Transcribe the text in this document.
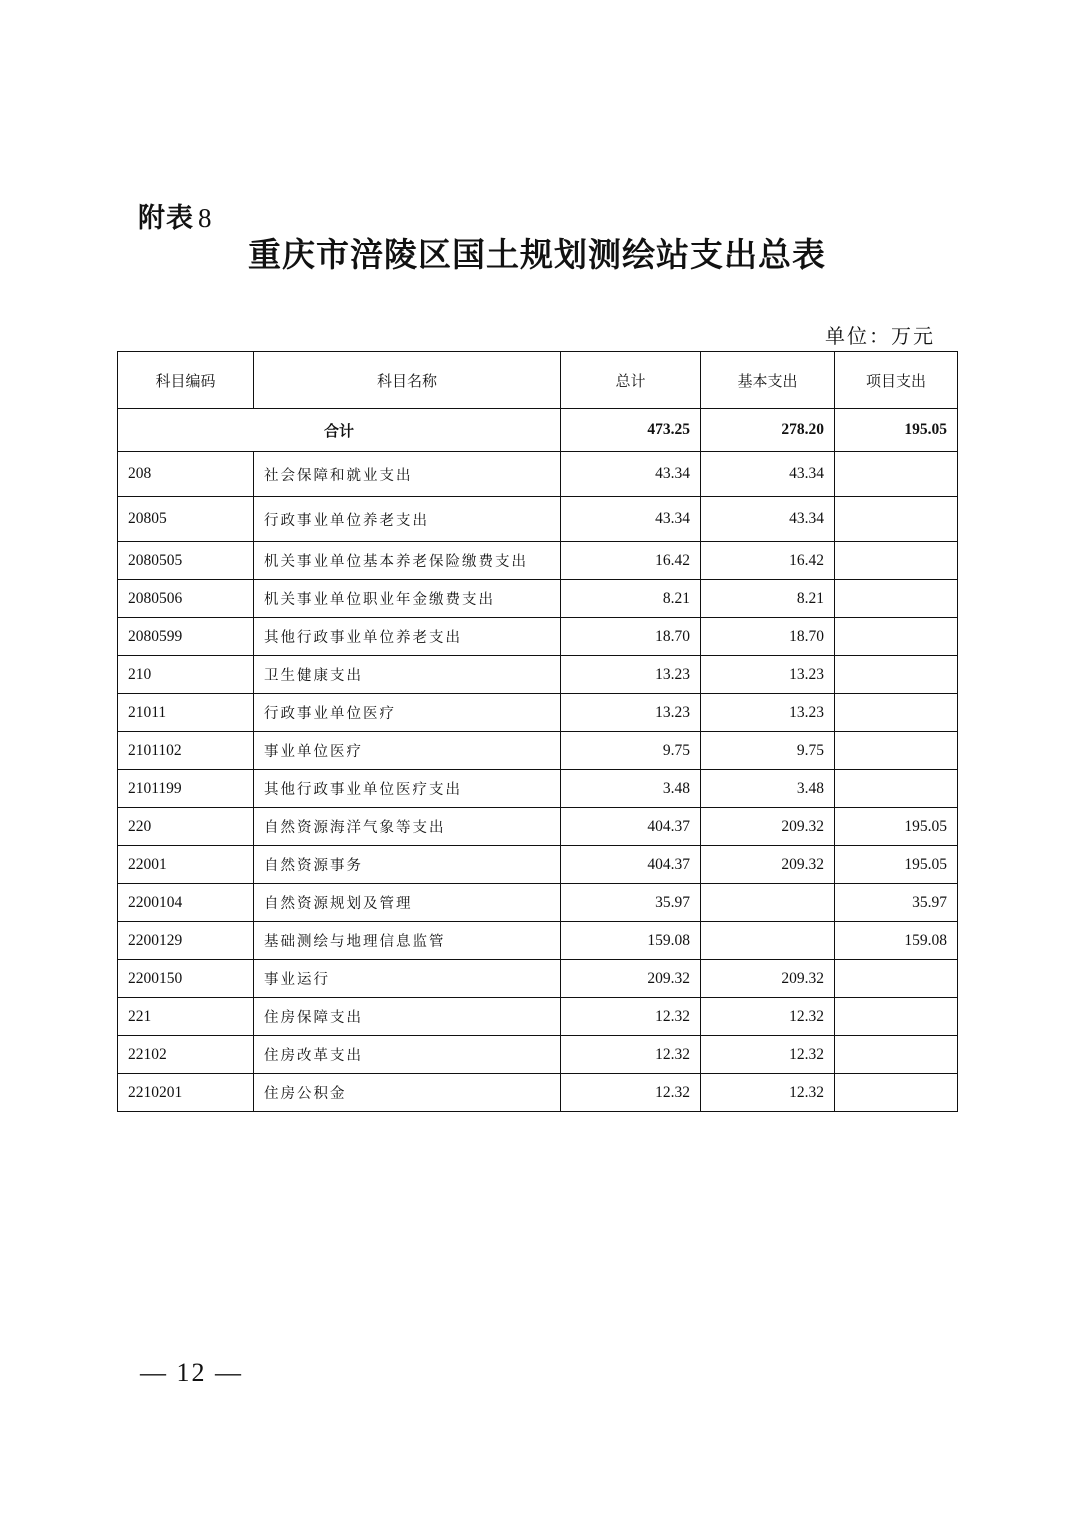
附表 8
重庆市涪陵区国土规划测绘站支出总表
单位：万元
科目编码	科目名称	总计	基本支出	项目支出
合计		473.25	278.20	195.05
208	社会保障和就业支出	43.34	43.34	
20805	行政事业单位养老支出	43.34	43.34	
2080505	机关事业单位基本养老保险缴费支出	16.42	16.42	
2080506	机关事业单位职业年金缴费支出	8.21	8.21	
2080599	其他行政事业单位养老支出	18.70	18.70	
210	卫生健康支出	13.23	13.23	
21011	行政事业单位医疗	13.23	13.23	
2101102	事业单位医疗	9.75	9.75	
2101199	其他行政事业单位医疗支出	3.48	3.48	
220	自然资源海洋气象等支出	404.37	209.32	195.05
22001	自然资源事务	404.37	209.32	195.05
2200104	自然资源规划及管理	35.97		35.97
2200129	基础测绘与地理信息监管	159.08		159.08
2200150	事业运行	209.32	209.32	
221	住房保障支出	12.32	12.32	
22102	住房改革支出	12.32	12.32	
2210201	住房公积金	12.32	12.32	
— 12 —
